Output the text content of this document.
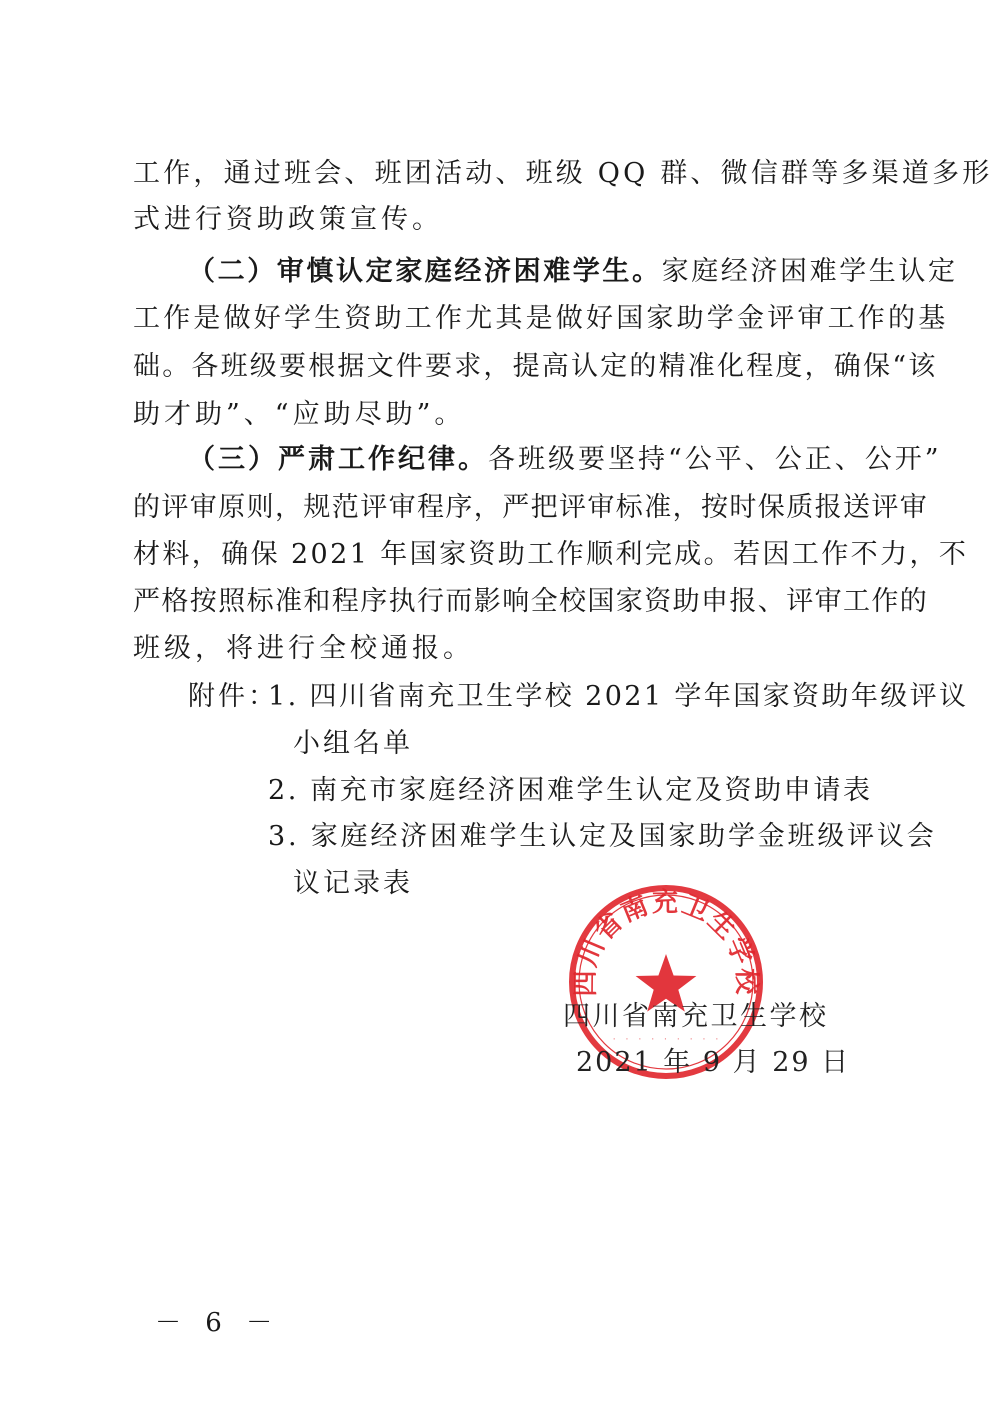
工作，通过班会、班团活动、班级 QQ 群、微信群等多渠道多形
式进行资助政策宣传。
（二）审慎认定家庭经济困难学生。家庭经济困难学生认定
工作是做好学生资助工作尤其是做好国家助学金评审工作的基
础。各班级要根据文件要求，提高认定的精准化程度，确保“该
助才助”、“应助尽助”。
（三）严肃工作纪律。各班级要坚持“公平、公正、公开”
的评审原则，规范评审程序，严把评审标准，按时保质报送评审
材料，确保 2021 年国家资助工作顺利完成。若因工作不力，不
严格按照标准和程序执行而影响全校国家资助申报、评审工作的
班级，将进行全校通报。
附件：
1. 四川省南充卫生学校 2021 学年国家资助年级评议
小组名单
2. 南充市家庭经济困难学生认定及资助申请表
3. 家庭经济困难学生认定及国家助学金班级评议会
议记录表
四川省南充卫生学校
· · · · · · · · ·
四川省南充卫生学校
2021 年 9 月 29 日
－ 6 －
